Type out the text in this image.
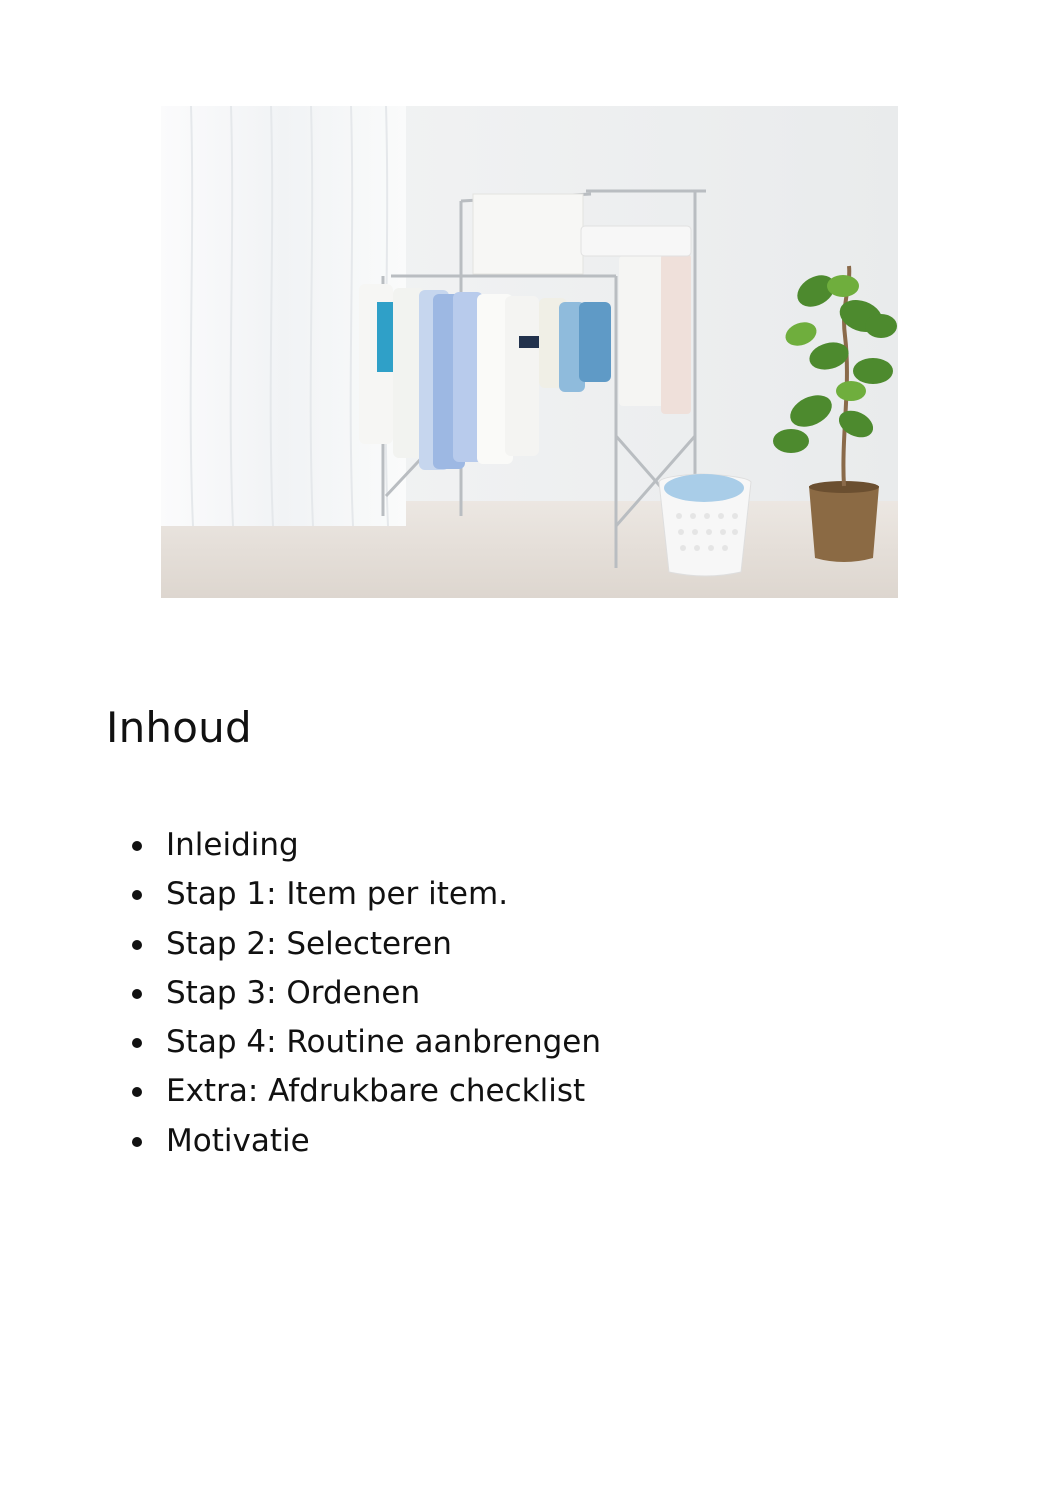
Inhoud
Inleiding
Stap 1: Item per item.
Stap 2: Selecteren
Stap 3: Ordenen
Stap 4: Routine aanbrengen
Extra: Afdrukbare checklist
Motivatie
